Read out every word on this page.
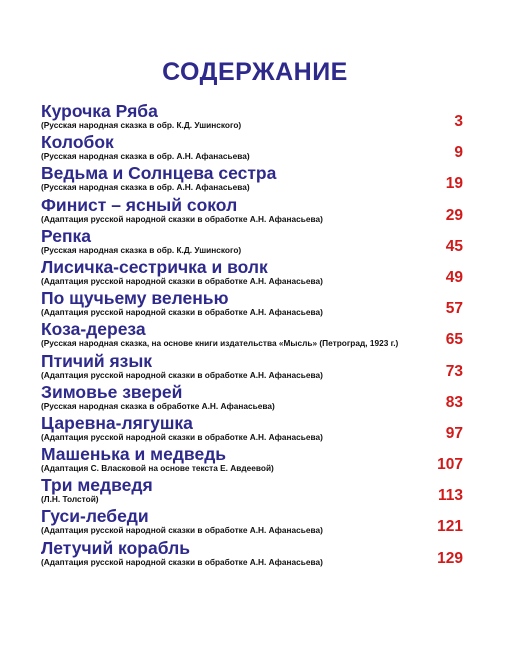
СОДЕРЖАНИЕ
Курочка Ряба
(Русская народная сказка в обр. К.Д. Ушинского)	3
Колобок
(Русская народная сказка в обр. А.Н. Афанасьева)	9
Ведьма и Солнцева сестра
(Русская народная сказка в обр. А.Н. Афанасьева)	19
Финист – ясный сокол
(Адаптация русской народной сказки в обработке А.Н. Афанасьева)	29
Репка
(Русская народная сказка в обр. К.Д. Ушинского)	45
Лисичка-сестричка и волк
(Адаптация русской народной сказки в обработке А.Н. Афанасьева)	49
По щучьему веленью
(Адаптация русской народной сказки в обработке А.Н. Афанасьева)	57
Коза-дереза
(Русская народная сказка, на основе книги издательства «Мысль» (Петроград, 1923 г.)	65
Птичий язык
(Адаптация русской народной сказки в обработке А.Н. Афанасьева)	73
Зимовье зверей
(Русская народная сказка в обработке А.Н. Афанасьева)	83
Царевна-лягушка
(Адаптация русской народной сказки в обработке А.Н. Афанасьева)	97
Машенька и медведь
(Адаптация С. Власковой на основе текста Е. Авдеевой)	107
Три медведя
(Л.Н. Толстой)	113
Гуси-лебеди
(Адаптация русской народной сказки в обработке А.Н. Афанасьева)	121
Летучий корабль
(Адаптация русской народной сказки в обработке А.Н. Афанасьева)	129
